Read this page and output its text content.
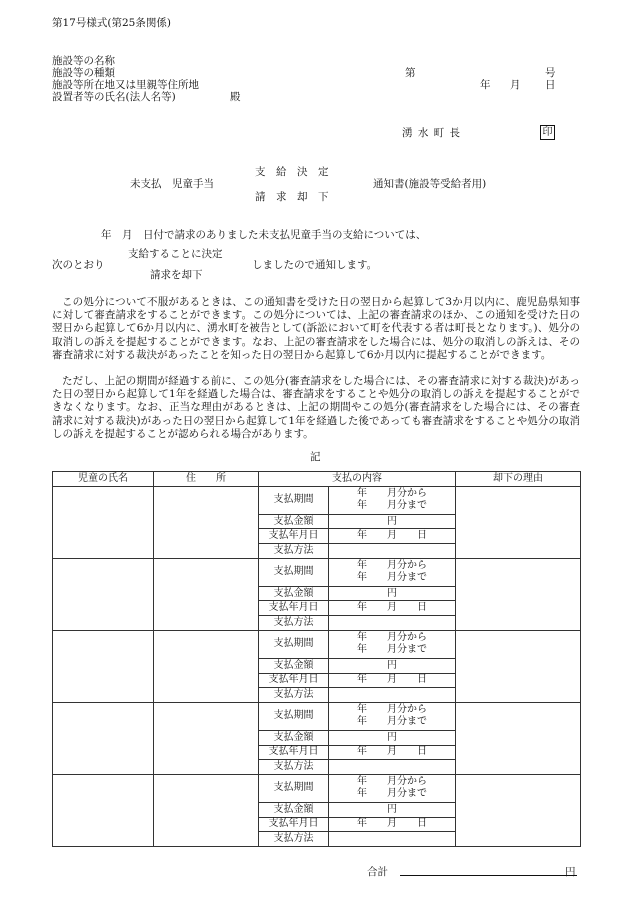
第17号様式(第25条関係)
施設等の名称
施設等の種類
施設等所在地又は里親等住所地
設置者等の氏名(法人名等)	殿
第	号
年 月 日
湧 水 町 長	印
支　給　決　定
未支払　児童手当	通知書(施設等受給者用)
請　求　却　下
年　月　日付で請求のありました未支払児童手当の支給については、
支給することに決定
次のとおり	しましたので通知します。
請求を却下
この処分について不服があるときは、この通知書を受けた日の翌日から起算して3か月以内に、鹿児島県知事に対して審査請求をすることができます。この処分については、上記の審査請求のほか、この通知を受けた日の翌日から起算して6か月以内に、湧水町を被告として(訴訟において町を代表する者は町長となります。)、処分の取消しの訴えを提起することができます。なお、上記の審査請求をした場合には、処分の取消しの訴えは、その審査請求に対する裁決があったことを知った日の翌日から起算して6か月以内に提起することができます。
ただし、上記の期間が経過する前に、この処分(審査請求をした場合には、その審査請求に対する裁決)があった日の翌日から起算して1年を経過した場合は、審査請求をすることや処分の取消しの訴えを提起することができなくなります。なお、正当な理由があるときは、上記の期間やこの処分(審査請求をした場合には、その審査請求に対する裁決)があった日の翌日から起算して1年を経過した後であっても審査請求をすることや処分の取消しの訴えを提起することが認められる場合があります。
記
児童の氏名	住　　所	支払の内容		却下の理由
		支払期間	年　　月分から
年　　月分まで	

		支払金額	円	
		支払年月日	年　　月　　日	
		支払方法		
		支払期間	年　　月分から
年　　月分まで	

		支払金額	円	
		支払年月日	年　　月　　日	
		支払方法		
		支払期間	年　　月分から
年　　月分まで	

		支払金額	円	
		支払年月日	年　　月　　日	
		支払方法		
		支払期間	年　　月分から
年　　月分まで	

		支払金額	円	
		支払年月日	年　　月　　日	
		支払方法		
		支払期間	年　　月分から
年　　月分まで	

		支払金額	円	
		支払年月日	年　　月　　日	
		支払方法		
合計	円
